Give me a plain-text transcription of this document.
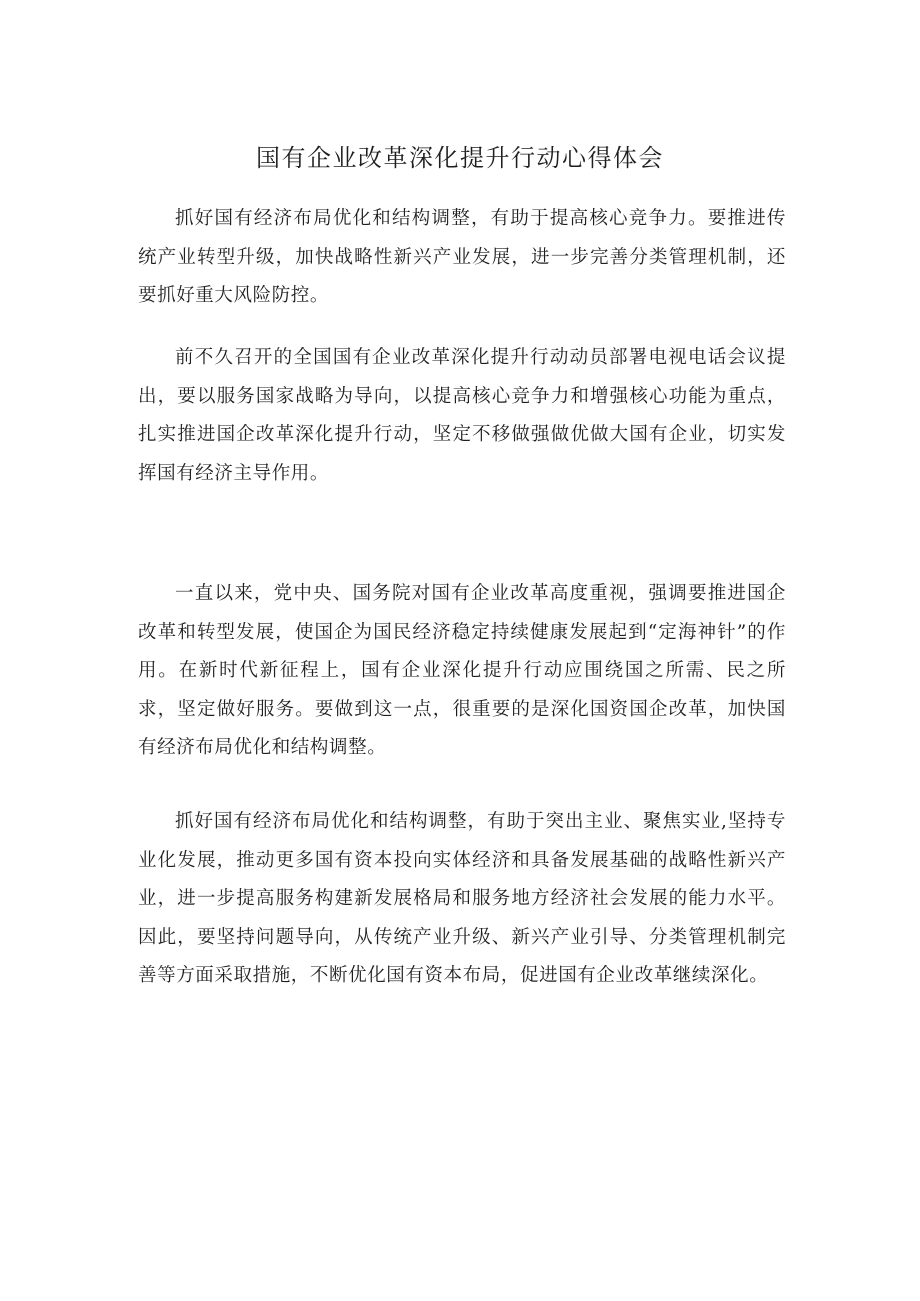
国有企业改革深化提升行动心得体会

抓好国有经济布局优化和结构调整，有助于提高核心竞争力。要推进传统产业转型升级，加快战略性新兴产业发展，进一步完善分类管理机制，还要抓好重大风险防控。

前不久召开的全国国有企业改革深化提升行动动员部署电视电话会议提出，要以服务国家战略为导向，以提高核心竞争力和增强核心功能为重点，扎实推进国企改革深化提升行动，坚定不移做强做优做大国有企业，切实发挥国有经济主导作用。

一直以来，党中央、国务院对国有企业改革高度重视，强调要推进国企改革和转型发展，使国企为国民经济稳定持续健康发展起到“定海神针”的作用。在新时代新征程上，国有企业深化提升行动应围绕国之所需、民之所求，坚定做好服务。要做到这一点，很重要的是深化国资国企改革，加快国有经济布局优化和结构调整。

抓好国有经济布局优化和结构调整，有助于突出主业、聚焦实业,坚持专业化发展，推动更多国有资本投向实体经济和具备发展基础的战略性新兴产业，进一步提高服务构建新发展格局和服务地方经济社会发展的能力水平。因此，要坚持问题导向，从传统产业升级、新兴产业引导、分类管理机制完善等方面采取措施，不断优化国有资本布局，促进国有企业改革继续深化。
